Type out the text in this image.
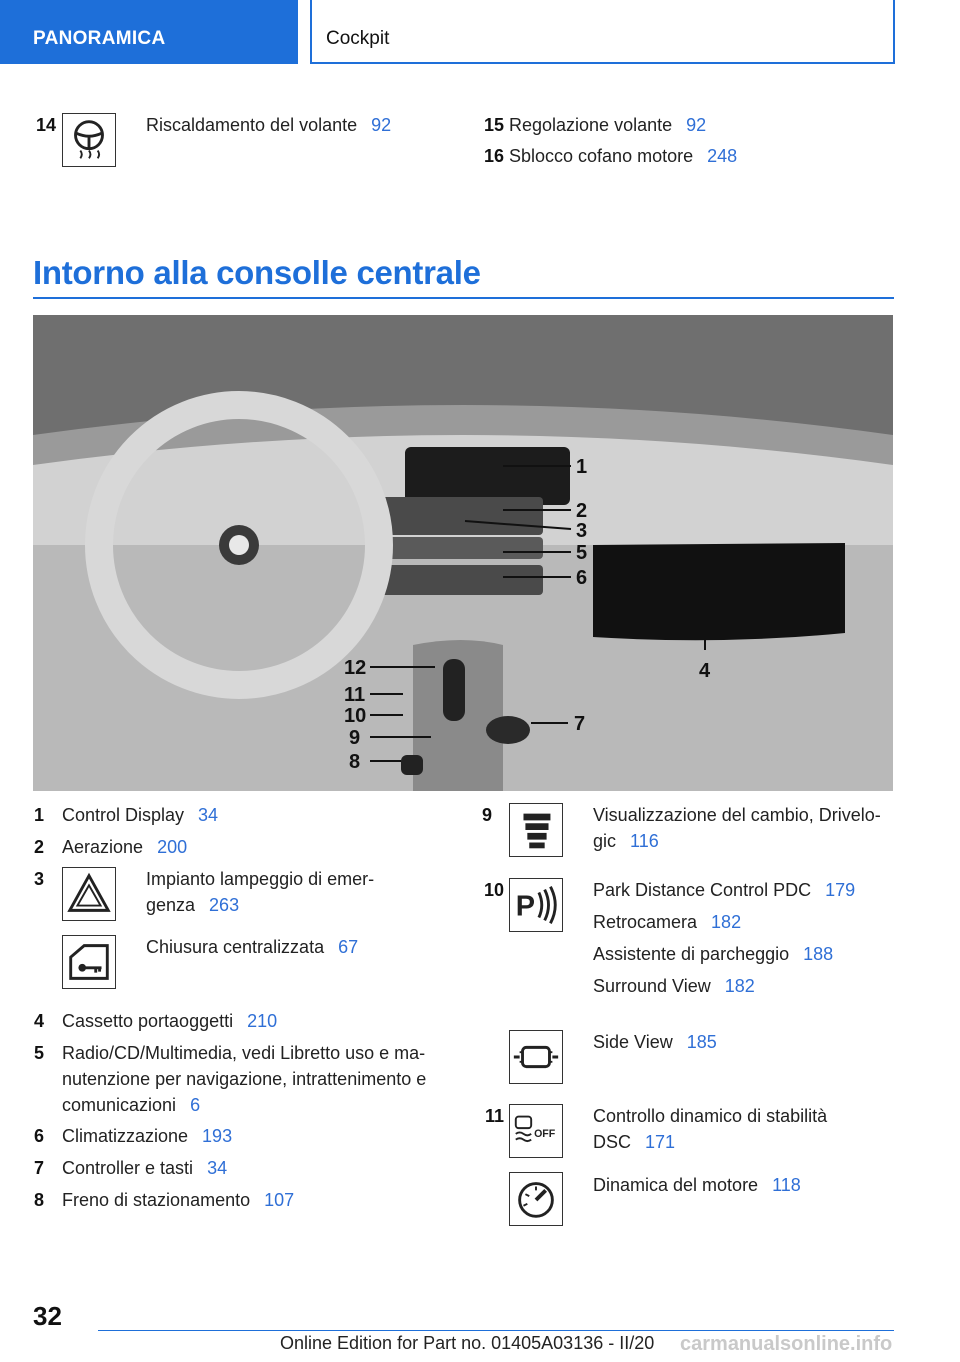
PANORAMICA	Cockpit
14	Riscaldamento del volante 92	15 Regolazione volante 92
16 Sblocco cofano motore 248
Intorno alla consolle centrale
1
2
3
5
6
4
12
11
10
9
8
7
1 Control Display 34
2 Aerazione 200
3	Impianto lampeggio di emer-
genza 263
Chiusura centralizzata 67
4 Cassetto portaoggetti 210
5 Radio/CD/Multimedia, vedi Libretto uso e ma-
nutenzione per navigazione, intrattenimento e
comunicazioni 6
6 Climatizzazione 193
7 Controller e tasti 34
8 Freno di stazionamento 107
9	Visualizzazione del cambio, Drivelo-
gic 116
10
P
Park Distance Control PDC 179
Retrocamera 182
Assistente di parcheggio 188
Surround View 182
Side View 185
11
OFF
Controllo dinamico di stabilità
DSC 171
Dinamica del motore 118
32
Online Edition for Part no. 01405A03136 - II/20 carmanualsonline.info
